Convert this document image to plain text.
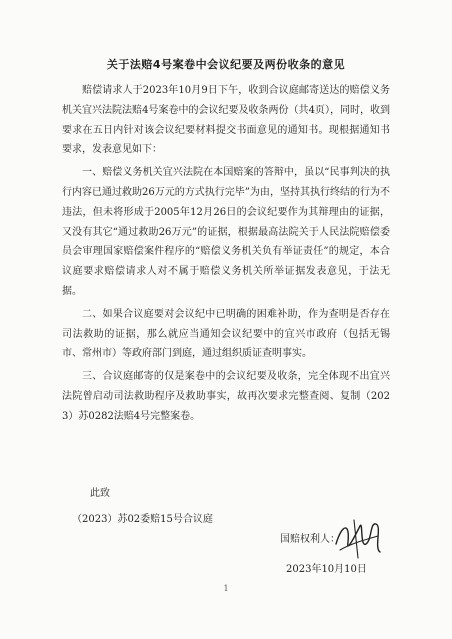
关于法赔4号案卷中会议纪要及两份收条的意见

赔偿请求人于2023年10月9日下午，收到合议庭邮寄送达的赔偿义务机关宜兴法院法赔4号案卷中的会议纪要及收条两份（共4页），同时，收到要求在五日内针对该会议纪要材料提交书面意见的通知书。现根据通知书要求，发表意见如下：

一、赔偿义务机关宜兴法院在本国赔案的答辩中，虽以“民事判决的执行内容已通过救助26万元的方式执行完毕”为由，坚持其执行终结的行为不违法，但未将形成于2005年12月26日的会议纪要作为其辩理由的证据，又没有其它“通过救助26万元”的证据，根据最高法院关于人民法院赔偿委员会审理国家赔偿案件程序的“赔偿义务机关负有举证责任”的规定，本合议庭要求赔偿请求人对不属于赔偿义务机关所举证据发表意见，于法无据。

二、如果合议庭要对会议纪中已明确的困难补助，作为查明是否存在司法救助的证据，那么就应当通知会议纪要中的宜兴市政府（包括无锡市、常州市）等政府部门到庭，通过组织质证查明事实。

三、合议庭邮寄的仅是案卷中的会议纪要及收条，完全体现不出宜兴法院曾启动司法救助程序及救助事实，故再次要求完整查阅、复制（2023）苏0282法赔4号完整案卷。

此致
（2023）苏02委赔15号合议庭
国赔权利人：
2023年10月10日
1
